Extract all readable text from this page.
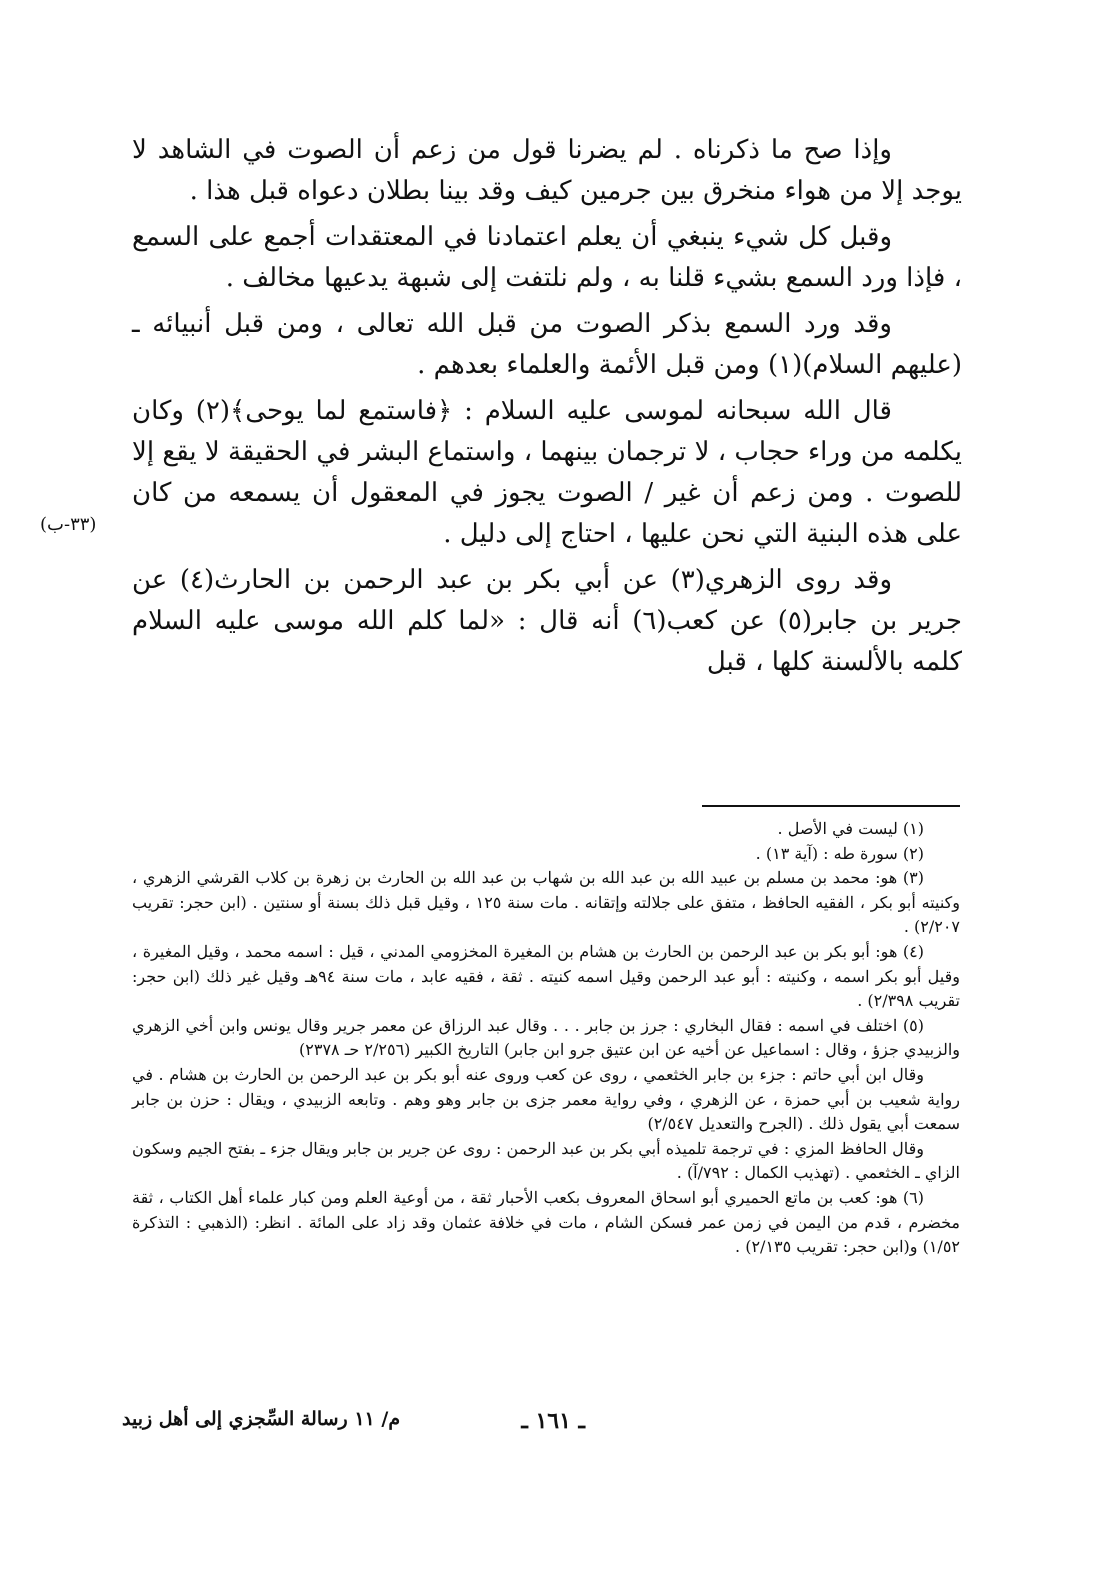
وإذا صح ما ذكرناه . لم يضرنا قول من زعم أن الصوت في الشاهد لا يوجد إلا من هواء منخرق بين جرمين كيف وقد بينا بطلان دعواه قبل هذا .

وقبل كل شيء ينبغي أن يعلم اعتمادنا في المعتقدات أجمع على السمع ، فإذا ورد السمع بشيء قلنا به ، ولم نلتفت إلى شبهة يدعيها مخالف .

وقد ورد السمع بذكر الصوت من قبل الله تعالى ، ومن قبل أنبيائه ـ (عليهم السلام)(١) ومن قبل الأئمة والعلماء بعدهم .

قال الله سبحانه لموسى عليه السلام : ﴿فاستمع لما يوحى﴾(٢) وكان يكلمه من وراء حجاب ، لا ترجمان بينهما ، واستماع البشر في الحقيقة لا يقع إلا للصوت . ومن زعم أن غير / الصوت يجوز في المعقول أن يسمعه من كان على هذه البنية التي نحن عليها ، احتاج إلى دليل .

وقد روى الزهري(٣) عن أبي بكر بن عبد الرحمن بن الحارث(٤) عن جرير بن جابر(٥) عن كعب(٦) أنه قال : «لما كلم الله موسى عليه السلام كلمه بالألسنة كلها ، قبل

(٣٣-ب)

(١) ليست في الأصل .

(٢) سورة طه : (آية ١٣) .

(٣) هو: محمد بن مسلم بن عبيد الله بن عبد الله بن شهاب بن عبد الله بن الحارث بن زهرة بن كلاب القرشي الزهري ، وكنيته أبو بكر ، الفقيه الحافظ ، متفق على جلالته وإتقانه . مات سنة ١٢٥ ، وقيل قبل ذلك بسنة أو سنتين . (ابن حجر: تقريب ٢/٢٠٧) .

(٤) هو: أبو بكر بن عبد الرحمن بن الحارث بن هشام بن المغيرة المخزومي المدني ، قيل : اسمه محمد ، وقيل المغيرة ، وقيل أبو بكر اسمه ، وكنيته : أبو عبد الرحمن وقيل اسمه كنيته . ثقة ، فقيه عابد ، مات سنة ٩٤هـ وقيل غير ذلك (ابن حجر: تقريب ٢/٣٩٨) .

(٥) اختلف في اسمه : فقال البخاري : جرز بن جابر . . . وقال عبد الرزاق عن معمر جرير وقال يونس وابن أخي الزهري والزبيدي جزؤ ، وقال : اسماعيل عن أخيه عن ابن عتيق جرو ابن جابر) التاريخ الكبير (٢/٢٥٦ حـ ٢٣٧٨)

وقال ابن أبي حاتم : جزء بن جابر الخثعمي ، روى عن كعب وروى عنه أبو بكر بن عبد الرحمن بن الحارث بن هشام . في رواية شعيب بن أبي حمزة ، عن الزهري ، وفي رواية معمر جزى بن جابر وهو وهم . وتابعه الزبيدي ، ويقال : حزن بن جابر سمعت أبي يقول ذلك . (الجرح والتعديل ٢/٥٤٧)

وقال الحافظ المزي : في ترجمة تلميذه أبي بكر بن عبد الرحمن : روى عن جرير بن جابر ويقال جزء ـ بفتح الجيم وسكون الزاي ـ الخثعمي . (تهذيب الكمال : ٧٩٢/آ) .

(٦) هو: كعب بن ماتع الحميري أبو اسحاق المعروف بكعب الأحبار ثقة ، من أوعية العلم ومن كبار علماء أهل الكتاب ، ثقة مخضرم ، قدم من اليمن في زمن عمر فسكن الشام ، مات في خلافة عثمان وقد زاد على المائة . انظر: (الذهبي : التذكرة ١/٥٢) و(ابن حجر: تقريب ٢/١٣٥) .

ـ ١٦١ ـ
م/ ١١ رسالة السِّجزي إلى أهل زبيد
